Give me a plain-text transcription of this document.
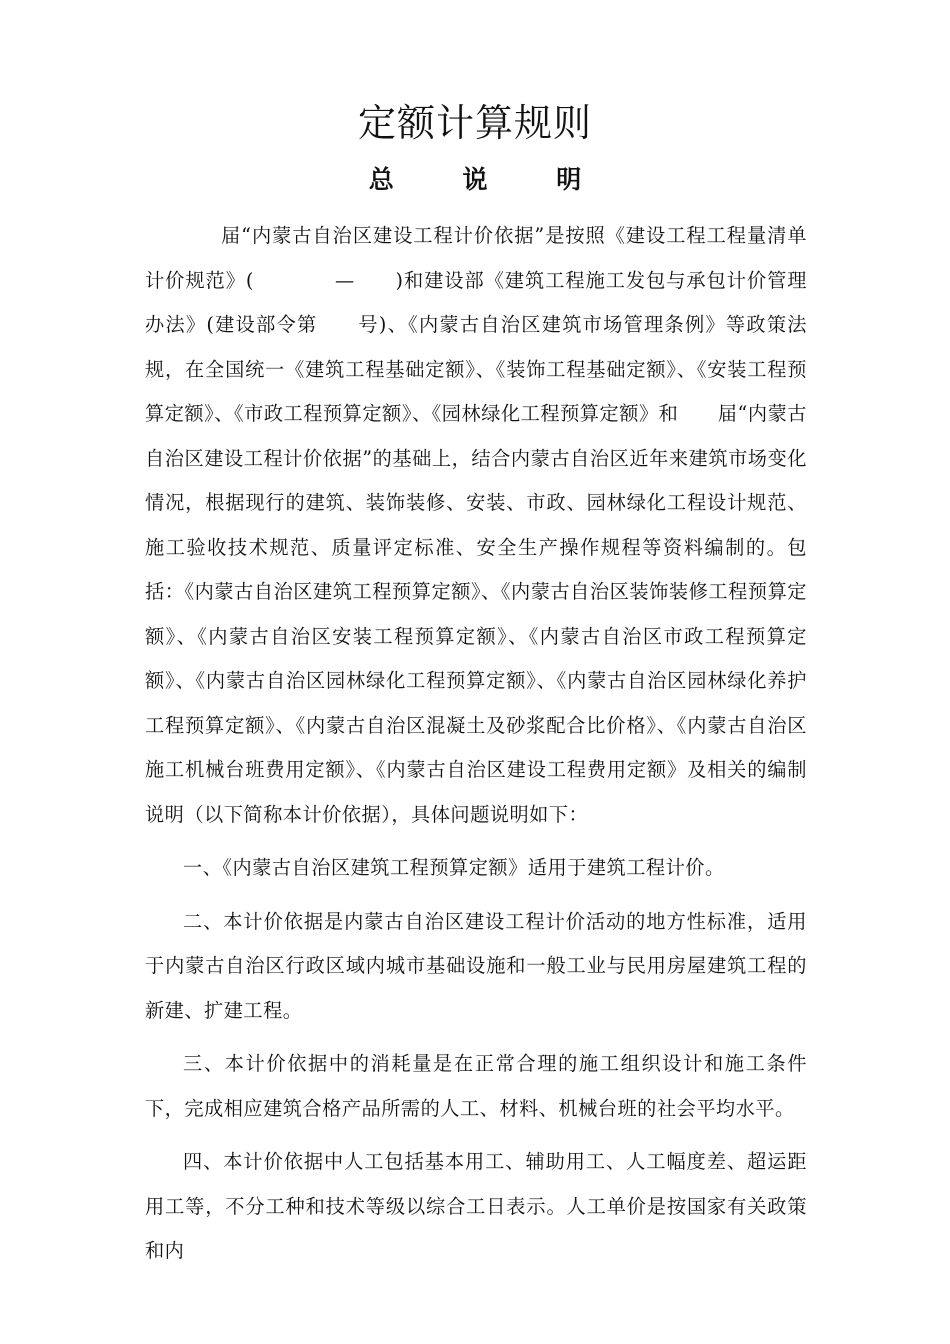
定额计算规则
总 说 明

届“内蒙古自治区建设工程计价依据”是按照《建设工程工程量清单计价规范》(　　　　—　　)和建设部《建筑工程施工发包与承包计价管理办法》(建设部令第　　号)、《内蒙古自治区建筑市场管理条例》等政策法规，在全国统一《建筑工程基础定额》、《装饰工程基础定额》、《安装工程预算定额》、《市政工程预算定额》、《园林绿化工程预算定额》和　　届“内蒙古自治区建设工程计价依据”的基础上，结合内蒙古自治区近年来建筑市场变化情况，根据现行的建筑、装饰装修、安装、市政、园林绿化工程设计规范、施工验收技术规范、质量评定标准、安全生产操作规程等资料编制的。包括：《内蒙古自治区建筑工程预算定额》、《内蒙古自治区装饰装修工程预算定额》、《内蒙古自治区安装工程预算定额》、《内蒙古自治区市政工程预算定额》、《内蒙古自治区园林绿化工程预算定额》、《内蒙古自治区园林绿化养护工程预算定额》、《内蒙古自治区混凝土及砂浆配合比价格》、《内蒙古自治区施工机械台班费用定额》、《内蒙古自治区建设工程费用定额》及相关的编制说明（以下简称本计价依据），具体问题说明如下：

一、《内蒙古自治区建筑工程预算定额》适用于建筑工程计价。

二、本计价依据是内蒙古自治区建设工程计价活动的地方性标准，适用于内蒙古自治区行政区域内城市基础设施和一般工业与民用房屋建筑工程的新建、扩建工程。

三、本计价依据中的消耗量是在正常合理的施工组织设计和施工条件下，完成相应建筑合格产品所需的人工、材料、机械台班的社会平均水平。

四、本计价依据中人工包括基本用工、辅助用工、人工幅度差、超运距用工等，不分工种和技术等级以综合工日表示。人工单价是按国家有关政策和内
